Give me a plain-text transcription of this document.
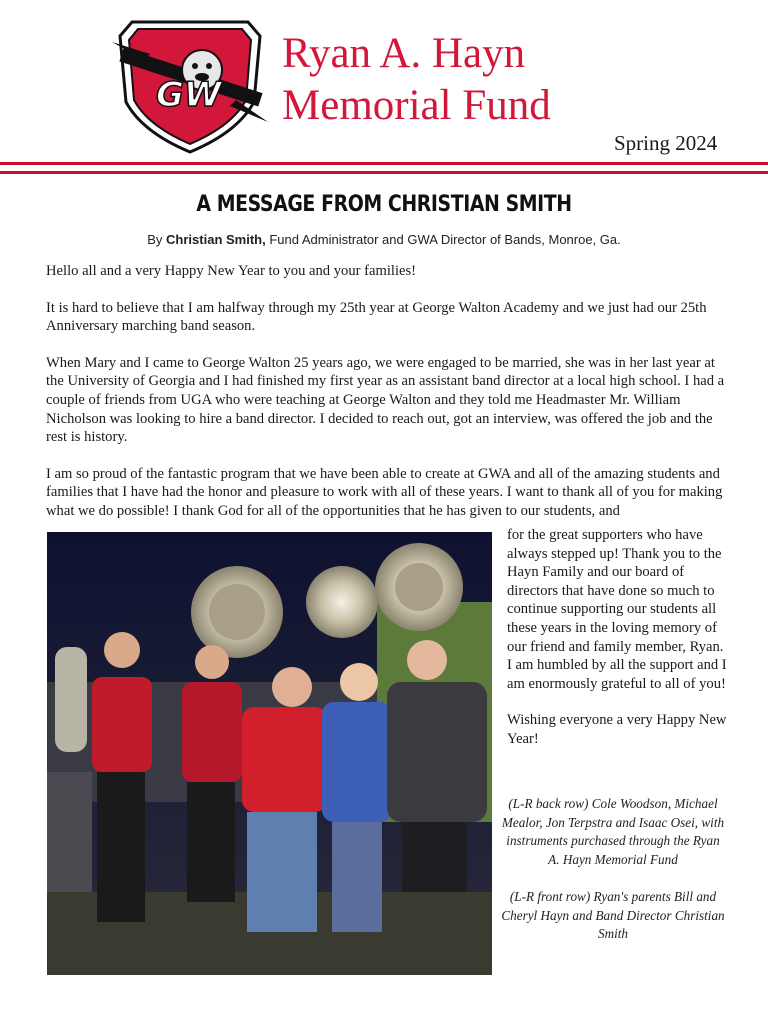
GW
Ryan A. Hayn
Memorial Fund
Spring 2024
A MESSAGE FROM CHRISTIAN SMITH
By Christian Smith, Fund Administrator and GWA Director of Bands, Monroe, Ga.

Hello all and a very Happy New Year to you and your families!

It is hard to believe that I am halfway through my 25th year at George Walton Academy and we just had our 25th Anniversary marching band season.

When Mary and I came to George Walton 25 years ago, we were engaged to be married, she was in her last year at the University of Georgia and I had finished my first year as an assistant band director at a local high school. I had a couple of friends from UGA who were teaching at George Walton and they told me Headmaster Mr. William Nicholson was looking to hire a band director. I decided to reach out, got an interview, was offered the job and the rest is history.

I am so proud of the fantastic program that we have been able to create at GWA and all of the amazing students and families that I have had the honor and pleasure to work with all of these years. I want to thank all of you for making what we do possible! I thank God for all of the opportunities that he has given to our students, and

for the great supporters who have always stepped up! Thank you to the Hayn Family and our board of directors that have done so much to continue supporting our students all these years in the loving memory of our friend and family member, Ryan. I am humbled by all the support and I am enormously grateful to all of you!

Wishing everyone a very Happy New Year!

(L-R back row) Cole Woodson, Michael Mealor, Jon Terpstra and Isaac Osei, with instruments purchased through the Ryan A. Hayn Memorial Fund
(L-R front row) Ryan's parents Bill and Cheryl Hayn and Band Director Christian Smith
